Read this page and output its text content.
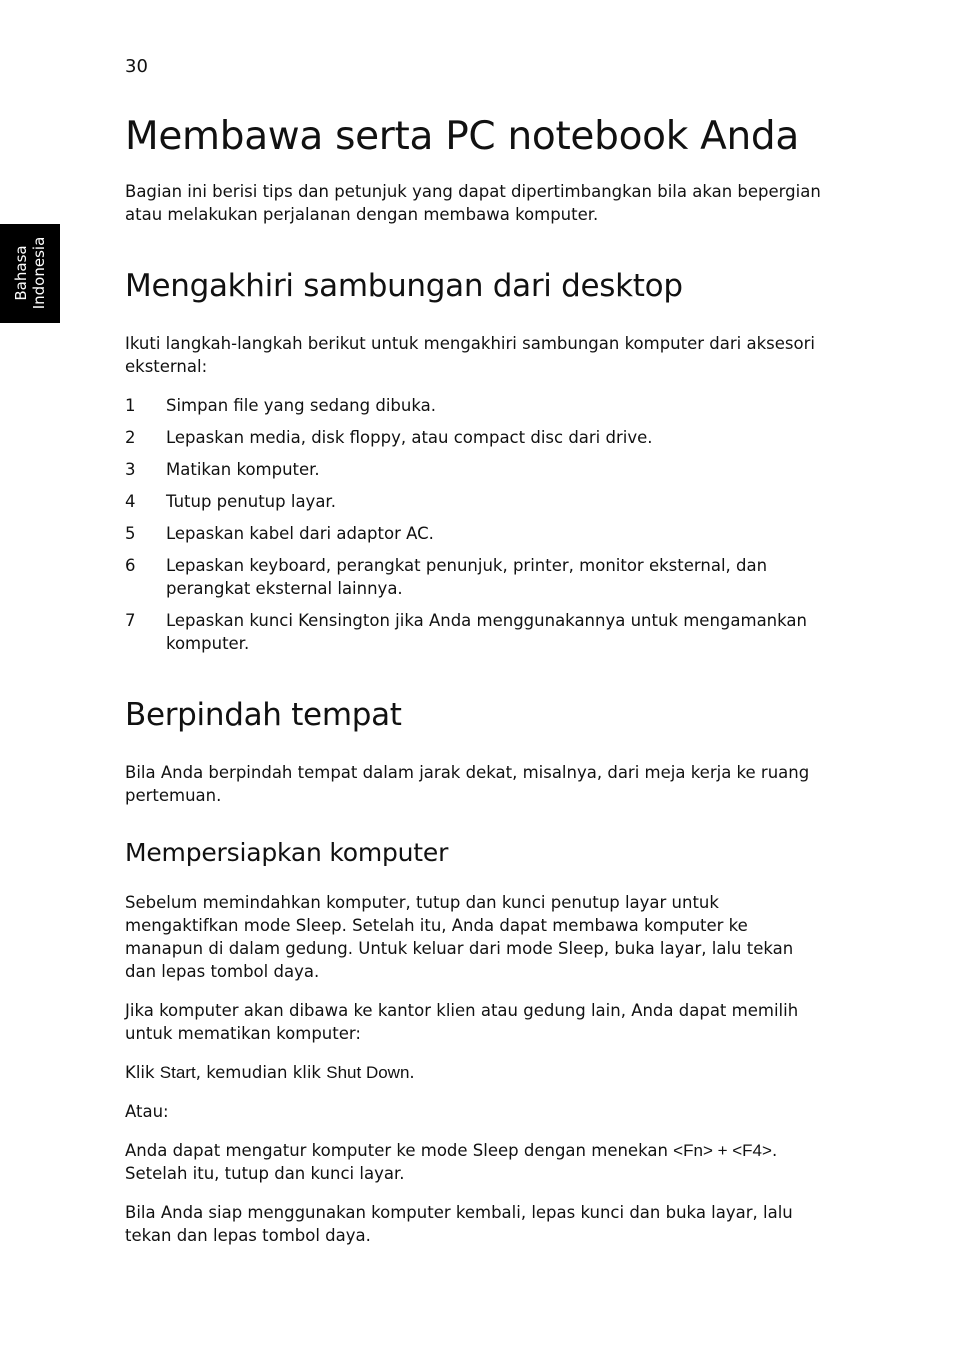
30
Bahasa Indonesia
Membawa serta PC notebook Anda

Bagian ini berisi tips dan petunjuk yang dapat dipertimbangkan bila akan bepergian atau melakukan perjalanan dengan membawa komputer.

Mengakhiri sambungan dari desktop

Ikuti langkah-langkah berikut untuk mengakhiri sambungan komputer dari aksesori eksternal:

1	Simpan file yang sedang dibuka.
2	Lepaskan media, disk floppy, atau compact disc dari drive.
3	Matikan komputer.
4	Tutup penutup layar.
5	Lepaskan kabel dari adaptor AC.
6	Lepaskan keyboard, perangkat penunjuk, printer, monitor eksternal, dan perangkat eksternal lainnya.
7	Lepaskan kunci Kensington jika Anda menggunakannya untuk mengamankan komputer.
Berpindah tempat

Bila Anda berpindah tempat dalam jarak dekat, misalnya, dari meja kerja ke ruang pertemuan.

Mempersiapkan komputer

Sebelum memindahkan komputer, tutup dan kunci penutup layar untuk mengaktifkan mode Sleep. Setelah itu, Anda dapat membawa komputer ke manapun di dalam gedung. Untuk keluar dari mode Sleep, buka layar, lalu tekan dan lepas tombol daya.

Jika komputer akan dibawa ke kantor klien atau gedung lain, Anda dapat memilih untuk mematikan komputer:

Klik Start, kemudian klik Shut Down.

Atau:

Anda dapat mengatur komputer ke mode Sleep dengan menekan <Fn> + <F4>. Setelah itu, tutup dan kunci layar.

Bila Anda siap menggunakan komputer kembali, lepas kunci dan buka layar, lalu tekan dan lepas tombol daya.
